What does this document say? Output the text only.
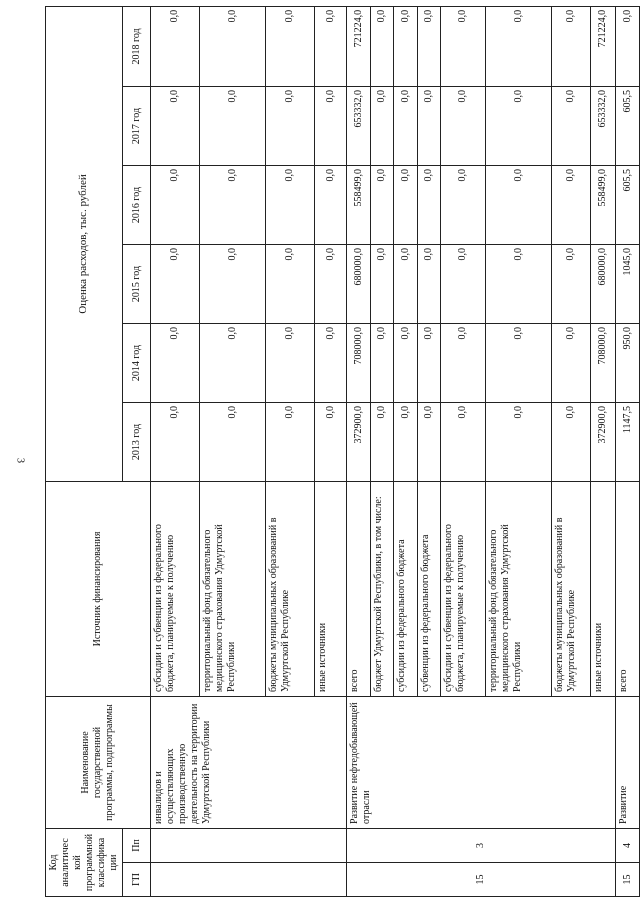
3
Код аналитичес кой программной классифика ции		Наименование государственной программы, подпрограммы	Источник финансирования	Оценка расходов, тыс. рублей					
ГП	Пп			2013 год	2014 год	2015 год	2016 год	2017 год	2018 год
		инвалидов и осуществляющих производственную деятельность на территории Удмуртской Республики	субсидии и субвенции из федерального бюджета, планируемые к получению	0,0	0,0	0,0	0,0	0,0	0,0
			территориальный фонд обязательного медицинского страхования Удмуртской Республики	0,0	0,0	0,0	0,0	0,0	0,0
			бюджеты муниципальных образований в Удмуртской Республике	0,0	0,0	0,0	0,0	0,0	0,0
			иные источники	0,0	0,0	0,0	0,0	0,0	0,0
15	3	Развитие нефтедобывающей отрасли	всего	372900,0	708000,0	680000,0	558499,0	653332,0	721224,0
			бюджет Удмуртской Республики, в том числе:	0,0	0,0	0,0	0,0	0,0	0,0
			субсидии из федерального бюджета	0,0	0,0	0,0	0,0	0,0	0,0
			субвенции из федерального бюджета	0,0	0,0	0,0	0,0	0,0	0,0
			субсидии и субвенции из федерального бюджета, планируемые к получению	0,0	0,0	0,0	0,0	0,0	0,0
			территориальный фонд обязательного медицинского страхования Удмуртской Республики	0,0	0,0	0,0	0,0	0,0	0,0
			бюджеты муниципальных образований в Удмуртской Республике	0,0	0,0	0,0	0,0	0,0	0,0
			иные источники	372900,0	708000,0	680000,0	558499,0	653332,0	721224,0
15	4	Развитие	всего	1147,5	950,0	1045,0	605,5	605,5	0,0
